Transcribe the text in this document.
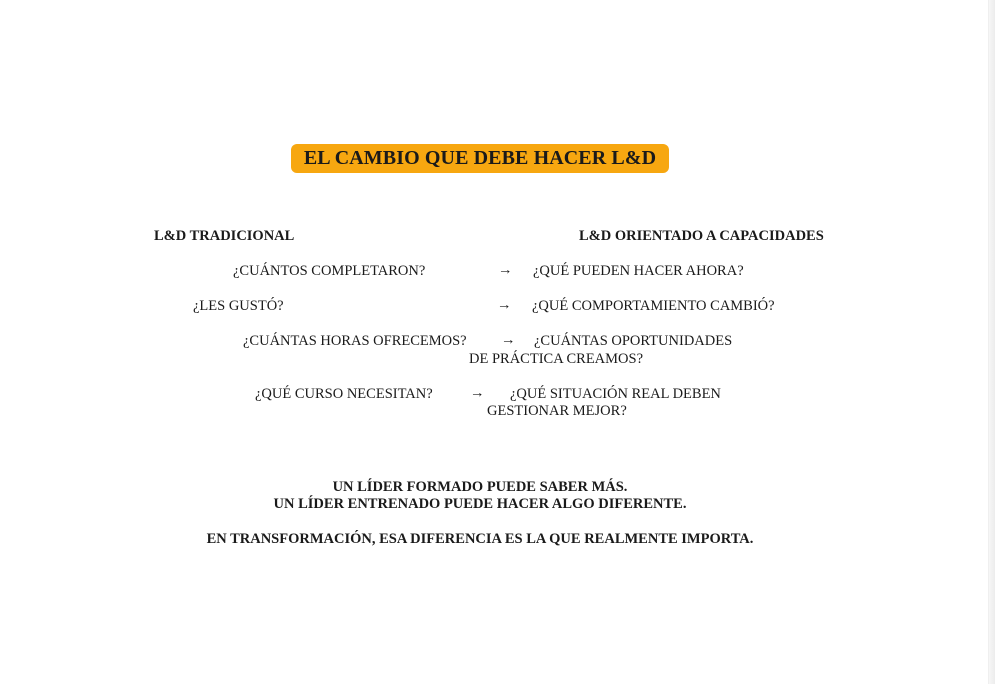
EL CAMBIO QUE DEBE HACER L&D
L&D TRADICIONAL	L&D ORIENTADO A CAPACIDADES
¿CUÁNTOS COMPLETARON?	→ ¿QUÉ PUEDEN HACER AHORA?
¿LES GUSTÓ?	→ ¿QUÉ COMPORTAMIENTO CAMBIÓ?
¿CUÁNTAS HORAS OFRECEMOS? → ¿CUÁNTAS OPORTUNIDADES
DE PRÁCTICA CREAMOS?
¿QUÉ CURSO NECESITAN?	→ ¿QUÉ SITUACIÓN REAL DEBEN
GESTIONAR MEJOR?
UN LÍDER FORMADO PUEDE SABER MÁS.
UN LÍDER ENTRENADO PUEDE HACER ALGO DIFERENTE.
EN TRANSFORMACIÓN, ESA DIFERENCIA ES LA QUE REALMENTE IMPORTA.
